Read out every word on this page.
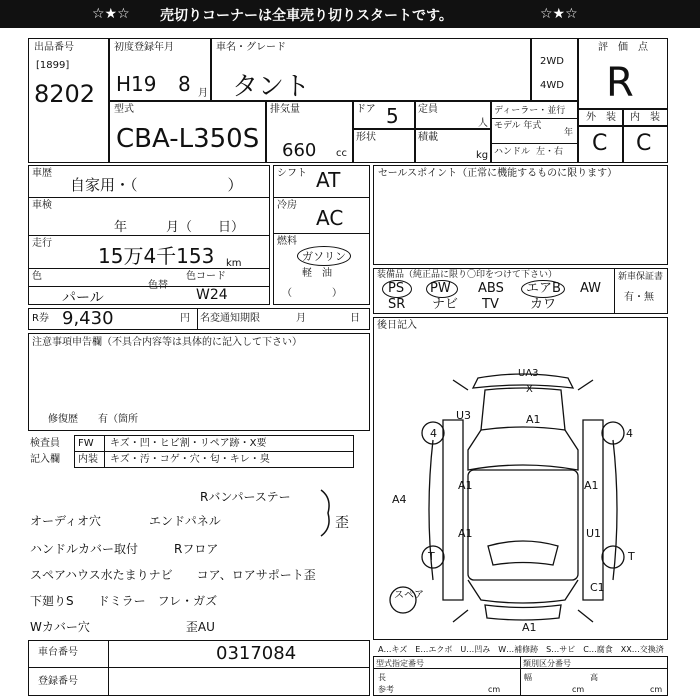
☆★☆ 売切りコーナーは全車売り切りスタートです。	☆★☆
出品番号
[1899]
8202
初度登録年月
H19 8 月
車名・グレード
タント
2WD
4WD
評　価　点
R
型式
CBA-L350S
排気量
660 cc
ドア 5 定員
人
形状	積載
kg
ディーラー・並行
モデル 年式
年
ハンドル 左・右
外　装 内　装
C C
車歴
自家用・（　　　　　　）
車検
年　　　月（　　日）
走行
15万4千153 km
色
色替
色コード
パール	W24
シフト AT
冷房
AC
燃料
ガソリン
軽　油
（　　　　）
R券 9,430	円 名変通知期限	月	日
注意事項申告欄（不具合内容等は具体的に記入して下さい）
修復歴　　有（箇所
検査員
記入欄
FW キズ・凹・ヒビ割・リペア跡・X要
内装 キズ・汚・コゲ・穴・匂・キレ・臭
Rバンパーステー
オーディオ穴　　　　エンドパネル
ハンドルカバー取付　　　Rフロア
スペアハウス水たまりナビ　　コア、ロアサポート歪
下廻りS　　ドミラー　フレ・ガズ
Wカバー穴　　　　　　　　歪AU
歪
車台番号	0317084
登録番号
セールスポイント（正常に機能するものに限ります）
装備品（純正品に限り〇印をつけて下さい）
PS PW ABS エアB AW
SR ナビ TV カワ
新車保証書
有・無
後日記入
UA3
X
A1
U3
4	4
A1	A1
A4
U1
A1
T	T
C1
A1
スペア
A…キズ　E…エクボ　U…凹み　W…補修跡　S…サビ　C…腐食　XX…交換済
型式指定番号	類別区分番号
長
参考	cm
幅
cm
高
cm
